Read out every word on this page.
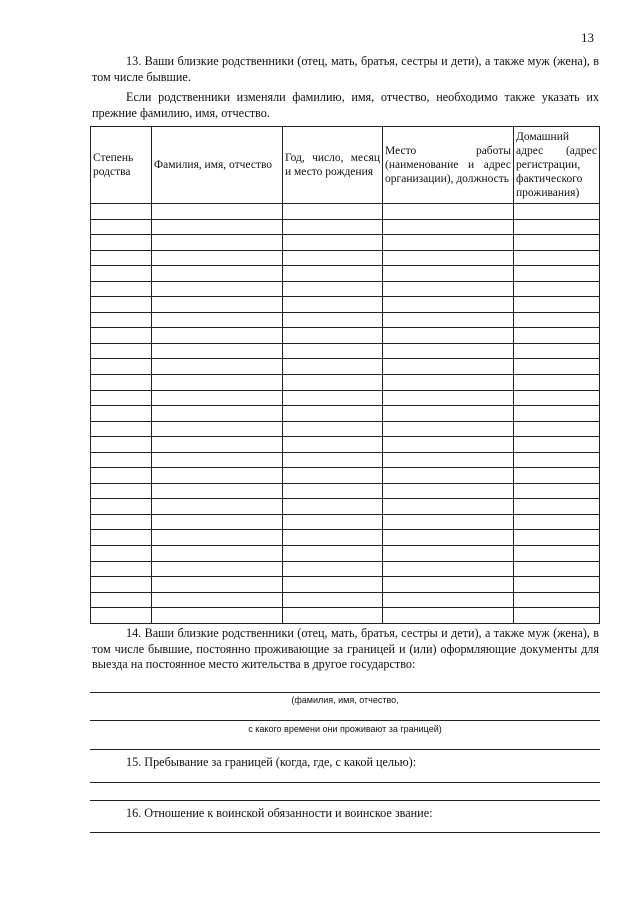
13
13. Ваши близкие родственники (отец, мать, братья, сестры и дети), а также муж (жена), в том числе бывшие.
Если родственники изменяли фамилию, имя, отчество, необходимо также указать их прежние фамилию, имя, отчество.
Степень родства	Фамилия, имя, отчество	Год, число, месяц и место рождения	Место работы (наименование и адрес организации), должность	Домашний адрес (адрес регистрации, фактического проживания)

14. Ваши близкие родственники (отец, мать, братья, сестры и дети), а также муж (жена), в том числе бывшие, постоянно проживающие за границей и (или) оформляющие документы для выезда на постоянное место жительства в другое государство:
(фамилия, имя, отчество,
с какого времени они проживают за границей)
15. Пребывание за границей (когда, где, с какой целью):
16. Отношение к воинской обязанности и воинское звание:
